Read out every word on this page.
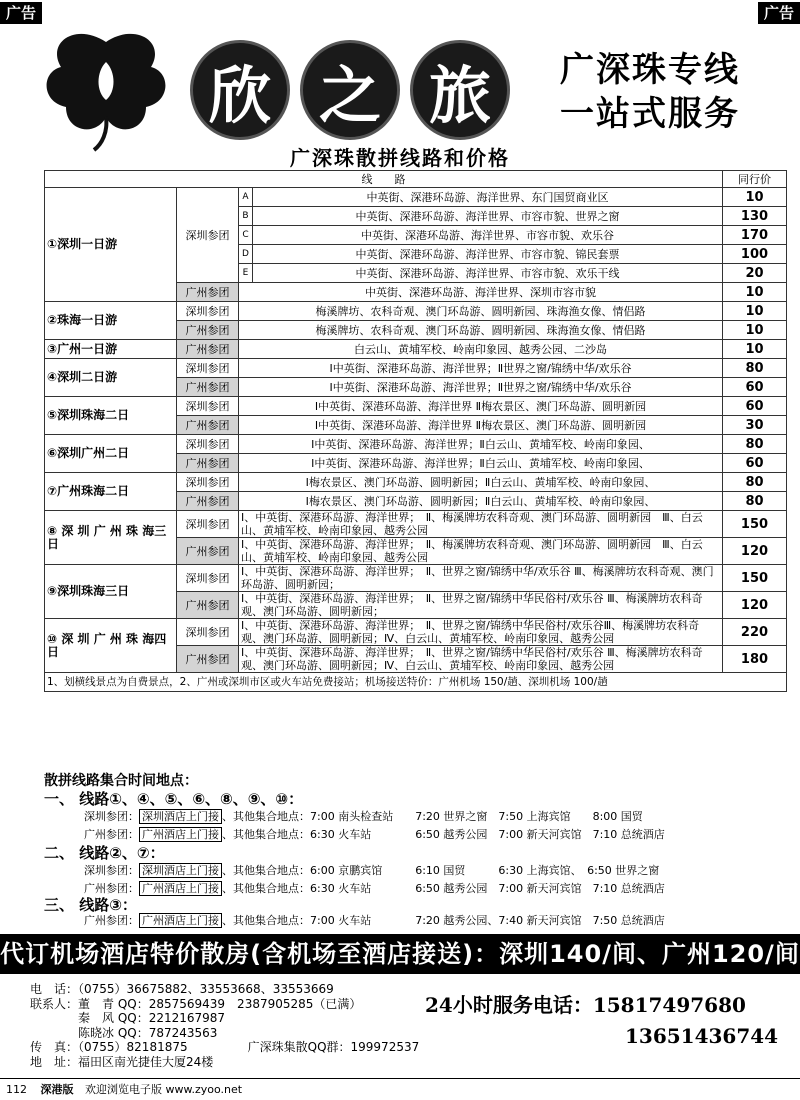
广告	广告
欣 之 旅	广深珠专线
一站式服务
广深珠散拼线路和价格
线　　路				同行价
①深圳一日游	深圳参团	A	中英街、深港环岛游、海洋世界、东门国贸商业区	10
		B	中英街、深港环岛游、海洋世界、市容市貌、世界之窗	130
		C	中英街、深港环岛游、海洋世界、市容市貌、欢乐谷	170
		D	中英街、深港环岛游、海洋世界、市容市貌、锦民套票	100
		E	中英街、深港环岛游、海洋世界、市容市貌、欢乐干线	20
	广州参团	中英街、深港环岛游、海洋世界、深圳市容市貌		10
②珠海一日游	深圳参团	梅溪牌坊、农科奇观、澳门环岛游、圆明新园、珠海渔女像、情侣路		10
	广州参团	梅溪牌坊、农科奇观、澳门环岛游、圆明新园、珠海渔女像、情侣路		10
③广州一日游	广州参团	白云山、黄埔军校、岭南印象园、越秀公园、二沙岛		10
④深圳二日游	深圳参团	Ⅰ中英街、深港环岛游、海洋世界；Ⅱ世界之窗/锦绣中华/欢乐谷		80
	广州参团	Ⅰ中英街、深港环岛游、海洋世界；Ⅱ世界之窗/锦绣中华/欢乐谷		60
⑤深圳珠海二日	深圳参团	Ⅰ中英街、深港环岛游、海洋世界 Ⅱ梅农景区、澳门环岛游、圆明新园		60
	广州参团	Ⅰ中英街、深港环岛游、海洋世界 Ⅱ梅农景区、澳门环岛游、圆明新园		30
⑥深圳广州二日	深圳参团	Ⅰ中英街、深港环岛游、海洋世界；Ⅱ白云山、黄埔军校、岭南印象园、		80
	广州参团	Ⅰ中英街、深港环岛游、海洋世界；Ⅱ白云山、黄埔军校、岭南印象园、		60
⑦广州珠海二日	深圳参团	Ⅰ梅农景区、澳门环岛游、圆明新园；Ⅱ白云山、黄埔军校、岭南印象园、		80
	广州参团	Ⅰ梅农景区、澳门环岛游、圆明新园；Ⅱ白云山、黄埔军校、岭南印象园、		80
⑧ 深 圳 广 州 珠 海三日	深圳参团	Ⅰ、中英街、深港环岛游、海洋世界；　Ⅱ、梅溪牌坊农科奇观、澳门环岛游、圆明新园　Ⅲ、白云山、黄埔军校、岭南印象园、越秀公园		150
	广州参团	Ⅰ、中英街、深港环岛游、海洋世界；　Ⅱ、梅溪牌坊农科奇观、澳门环岛游、圆明新园　Ⅲ、白云山、黄埔军校、岭南印象园、越秀公园		120
⑨深圳珠海三日	深圳参团	Ⅰ、中英街、深港环岛游、海洋世界；　Ⅱ、世界之窗/锦绣中华/欢乐谷 Ⅲ、梅溪牌坊农科奇观、澳门环岛游、圆明新园；		150
	广州参团	Ⅰ、中英街、深港环岛游、海洋世界；　Ⅱ、世界之窗/锦绣中华民俗村/欢乐谷 Ⅲ、梅溪牌坊农科奇观、澳门环岛游、圆明新园；		120
⑩ 深 圳 广 州 珠 海四日	深圳参团	Ⅰ、中英街、深港环岛游、海洋世界；　Ⅱ、世界之窗/锦绣中华民俗村/欢乐谷Ⅲ、梅溪牌坊农科奇观、澳门环岛游、圆明新园；Ⅳ、白云山、黄埔军校、岭南印象园、越秀公园		220
	广州参团	Ⅰ、中英街、深港环岛游、海洋世界；　Ⅱ、世界之窗/锦绣中华民俗村/欢乐谷 Ⅲ、梅溪牌坊农科奇观、澳门环岛游、圆明新园；Ⅳ、白云山、黄埔军校、岭南印象园、越秀公园		180
1、划横线景点为自费景点，2、广州或深圳市区或火车站免费接站；机场接送特价：广州机场 150/趟、深圳机场 100/趟				
散拼线路集合时间地点：
一、 线路①、④、⑤、⑥、⑧、⑨、⑩：
深圳参团： 深圳酒店上门接 、其他集合地点：7:00 南头检查站　　7:20 世界之窗　7:50 上海宾馆　　8:00 国贸
广州参团： 广州酒店上门接 、其他集合地点：6:30 火车站　　　　6:50 越秀公园　7:00 新天河宾馆　7:10 总统酒店
二、 线路②、⑦：
深圳参团： 深圳酒店上门接 、其他集合地点：6:00 京鹏宾馆　　　6:10 国贸　　　6:30 上海宾馆、　6:50 世界之窗
广州参团： 广州酒店上门接 、其他集合地点：6:30 火车站　　　　6:50 越秀公园　7:00 新天河宾馆　7:10 总统酒店
三、 线路③：
广州参团： 广州酒店上门接 、其他集合地点：7:00 火车站　　　　7:20 越秀公园、7:40 新天河宾馆　7:50 总统酒店
代订机场酒店特价散房(含机场至酒店接送)：深圳140/间、广州120/间
电　话：（0755）36675882、33553668、33553669
联系人：董　青 QQ：2857569439　2387905285（已满）
　　　　秦　风 QQ：2212167987
　　　　陈晓冰 QQ：787243563
传　真：（0755）82181875	广深珠集散QQ群：199972537
地　址：福田区南光捷佳大厦24楼
24小时服务电话：15817497680
13651436744
112 深港版 欢迎浏览电子版 www.zyoo.net
